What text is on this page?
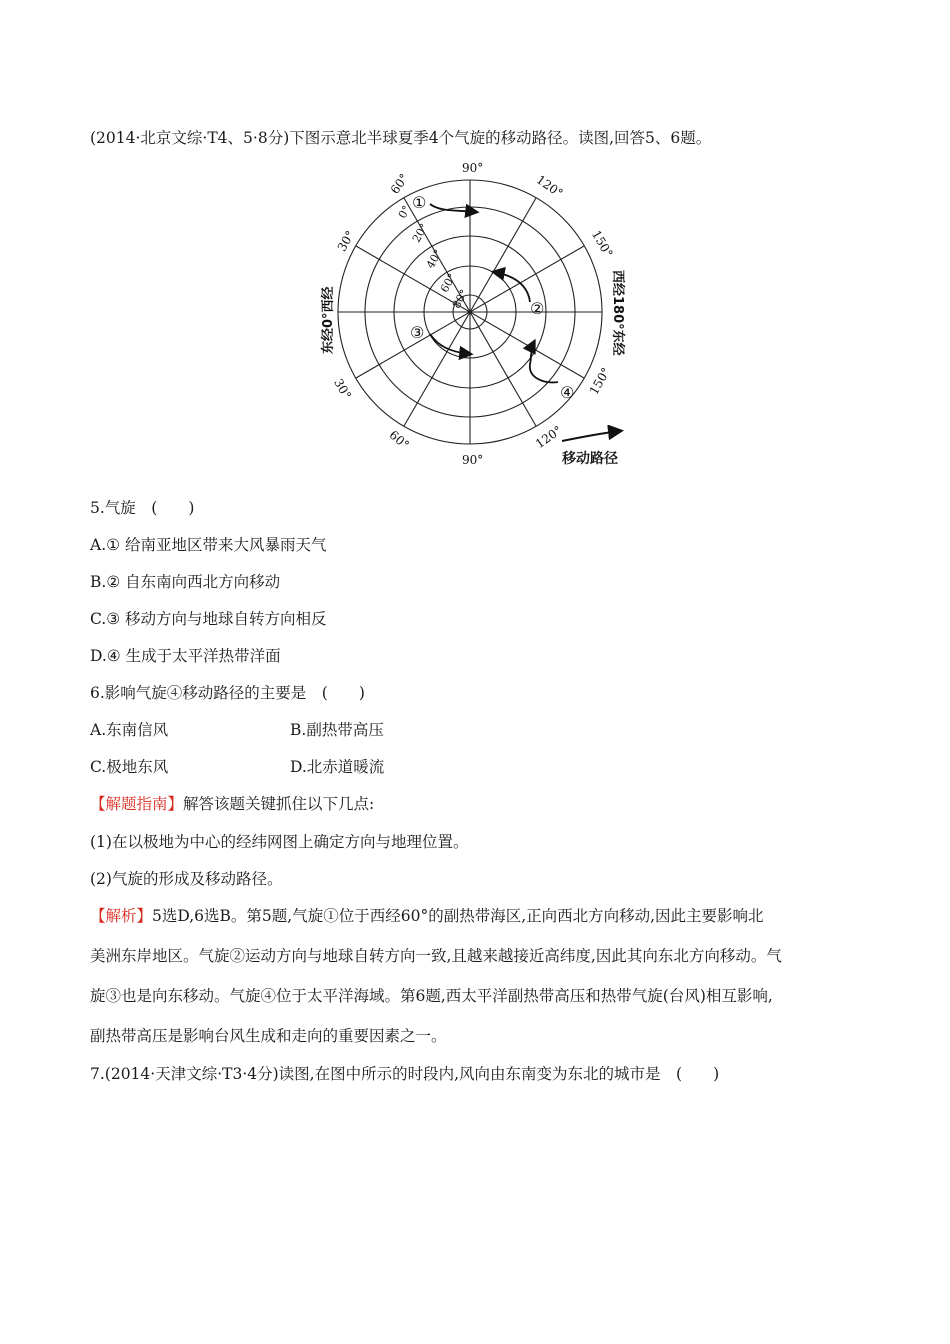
(2014·北京文综·T4、5·8分)下图示意北半球夏季4个气旋的移动路径。读图,回答5、6题。
90°
90°
60°	120°
150°
150°
120°
60°
30°
30°
0°
20°
40°
60°
80°
东经0°西经	西经180°东经
①
②
③
④
移动路径
5.气旋　(　　)
A.① 给南亚地区带来大风暴雨天气
B.② 自东南向西北方向移动
C.③ 移动方向与地球自转方向相反
D.④ 生成于太平洋热带洋面
6.影响气旋④移动路径的主要是　(　　)
A.东南信风	B.副热带高压
C.极地东风	D.北赤道暖流
【解题指南】解答该题关键抓住以下几点:
(1)在以极地为中心的经纬网图上确定方向与地理位置。
(2)气旋的形成及移动路径。
【解析】5选D,6选B。第5题,气旋①位于西经60°的副热带海区,正向西北方向移动,因此主要影响北
美洲东岸地区。气旋②运动方向与地球自转方向一致,且越来越接近高纬度,因此其向东北方向移动。气
旋③也是向东移动。气旋④位于太平洋海域。第6题,西太平洋副热带高压和热带气旋(台风)相互影响,
副热带高压是影响台风生成和走向的重要因素之一。
7.(2014·天津文综·T3·4分)读图,在图中所示的时段内,风向由东南变为东北的城市是　(　　)
